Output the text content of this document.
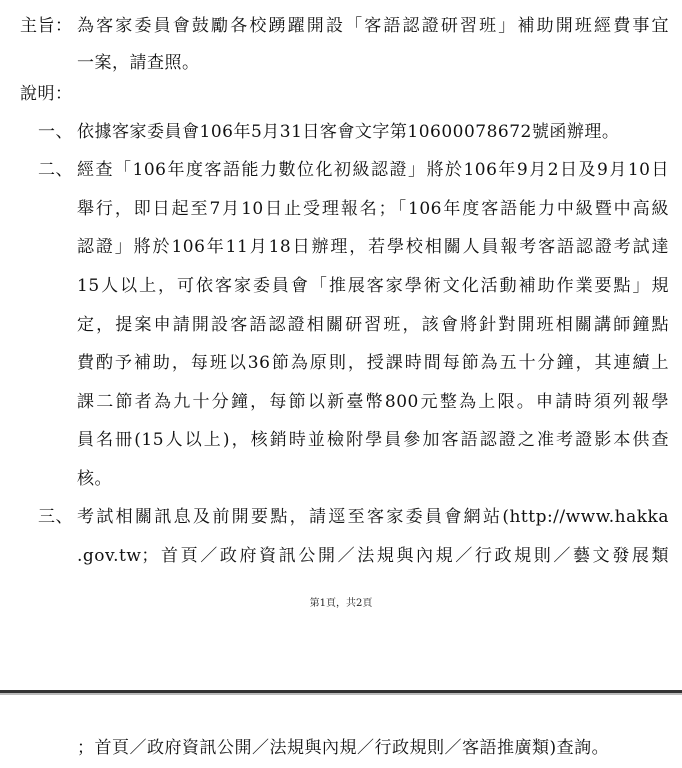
主旨： 為客家委員會鼓勵各校踴躍開設「客語認證研習班」補助開班經費事宜
一案，請查照。
說明：
一、 依據客家委員會106年5月31日客會文字第10600078672號函辦理。
二、 經查「106年度客語能力數位化初級認證」將於106年9月2日及9月10日
舉行，即日起至7月10日止受理報名；「106年度客語能力中級暨中高級
認證」將於106年11月18日辦理，若學校相關人員報考客語認證考試達
15人以上，可依客家委員會「推展客家學術文化活動補助作業要點」規
定，提案申請開設客語認證相關研習班，該會將針對開班相關講師鐘點
費酌予補助，每班以36節為原則，授課時間每節為五十分鐘，其連續上
課二節者為九十分鐘，每節以新臺幣800元整為上限。申請時須列報學
員名冊(15人以上)，核銷時並檢附學員參加客語認證之准考證影本供查
核。
三、 考試相關訊息及前開要點，請逕至客家委員會網站(http://www.hakka
.gov.tw；首頁／政府資訊公開／法規與內規／行政規則／藝文發展類
第1頁，共2頁
；首頁／政府資訊公開／法規與內規／行政規則／客語推廣類)查詢。
